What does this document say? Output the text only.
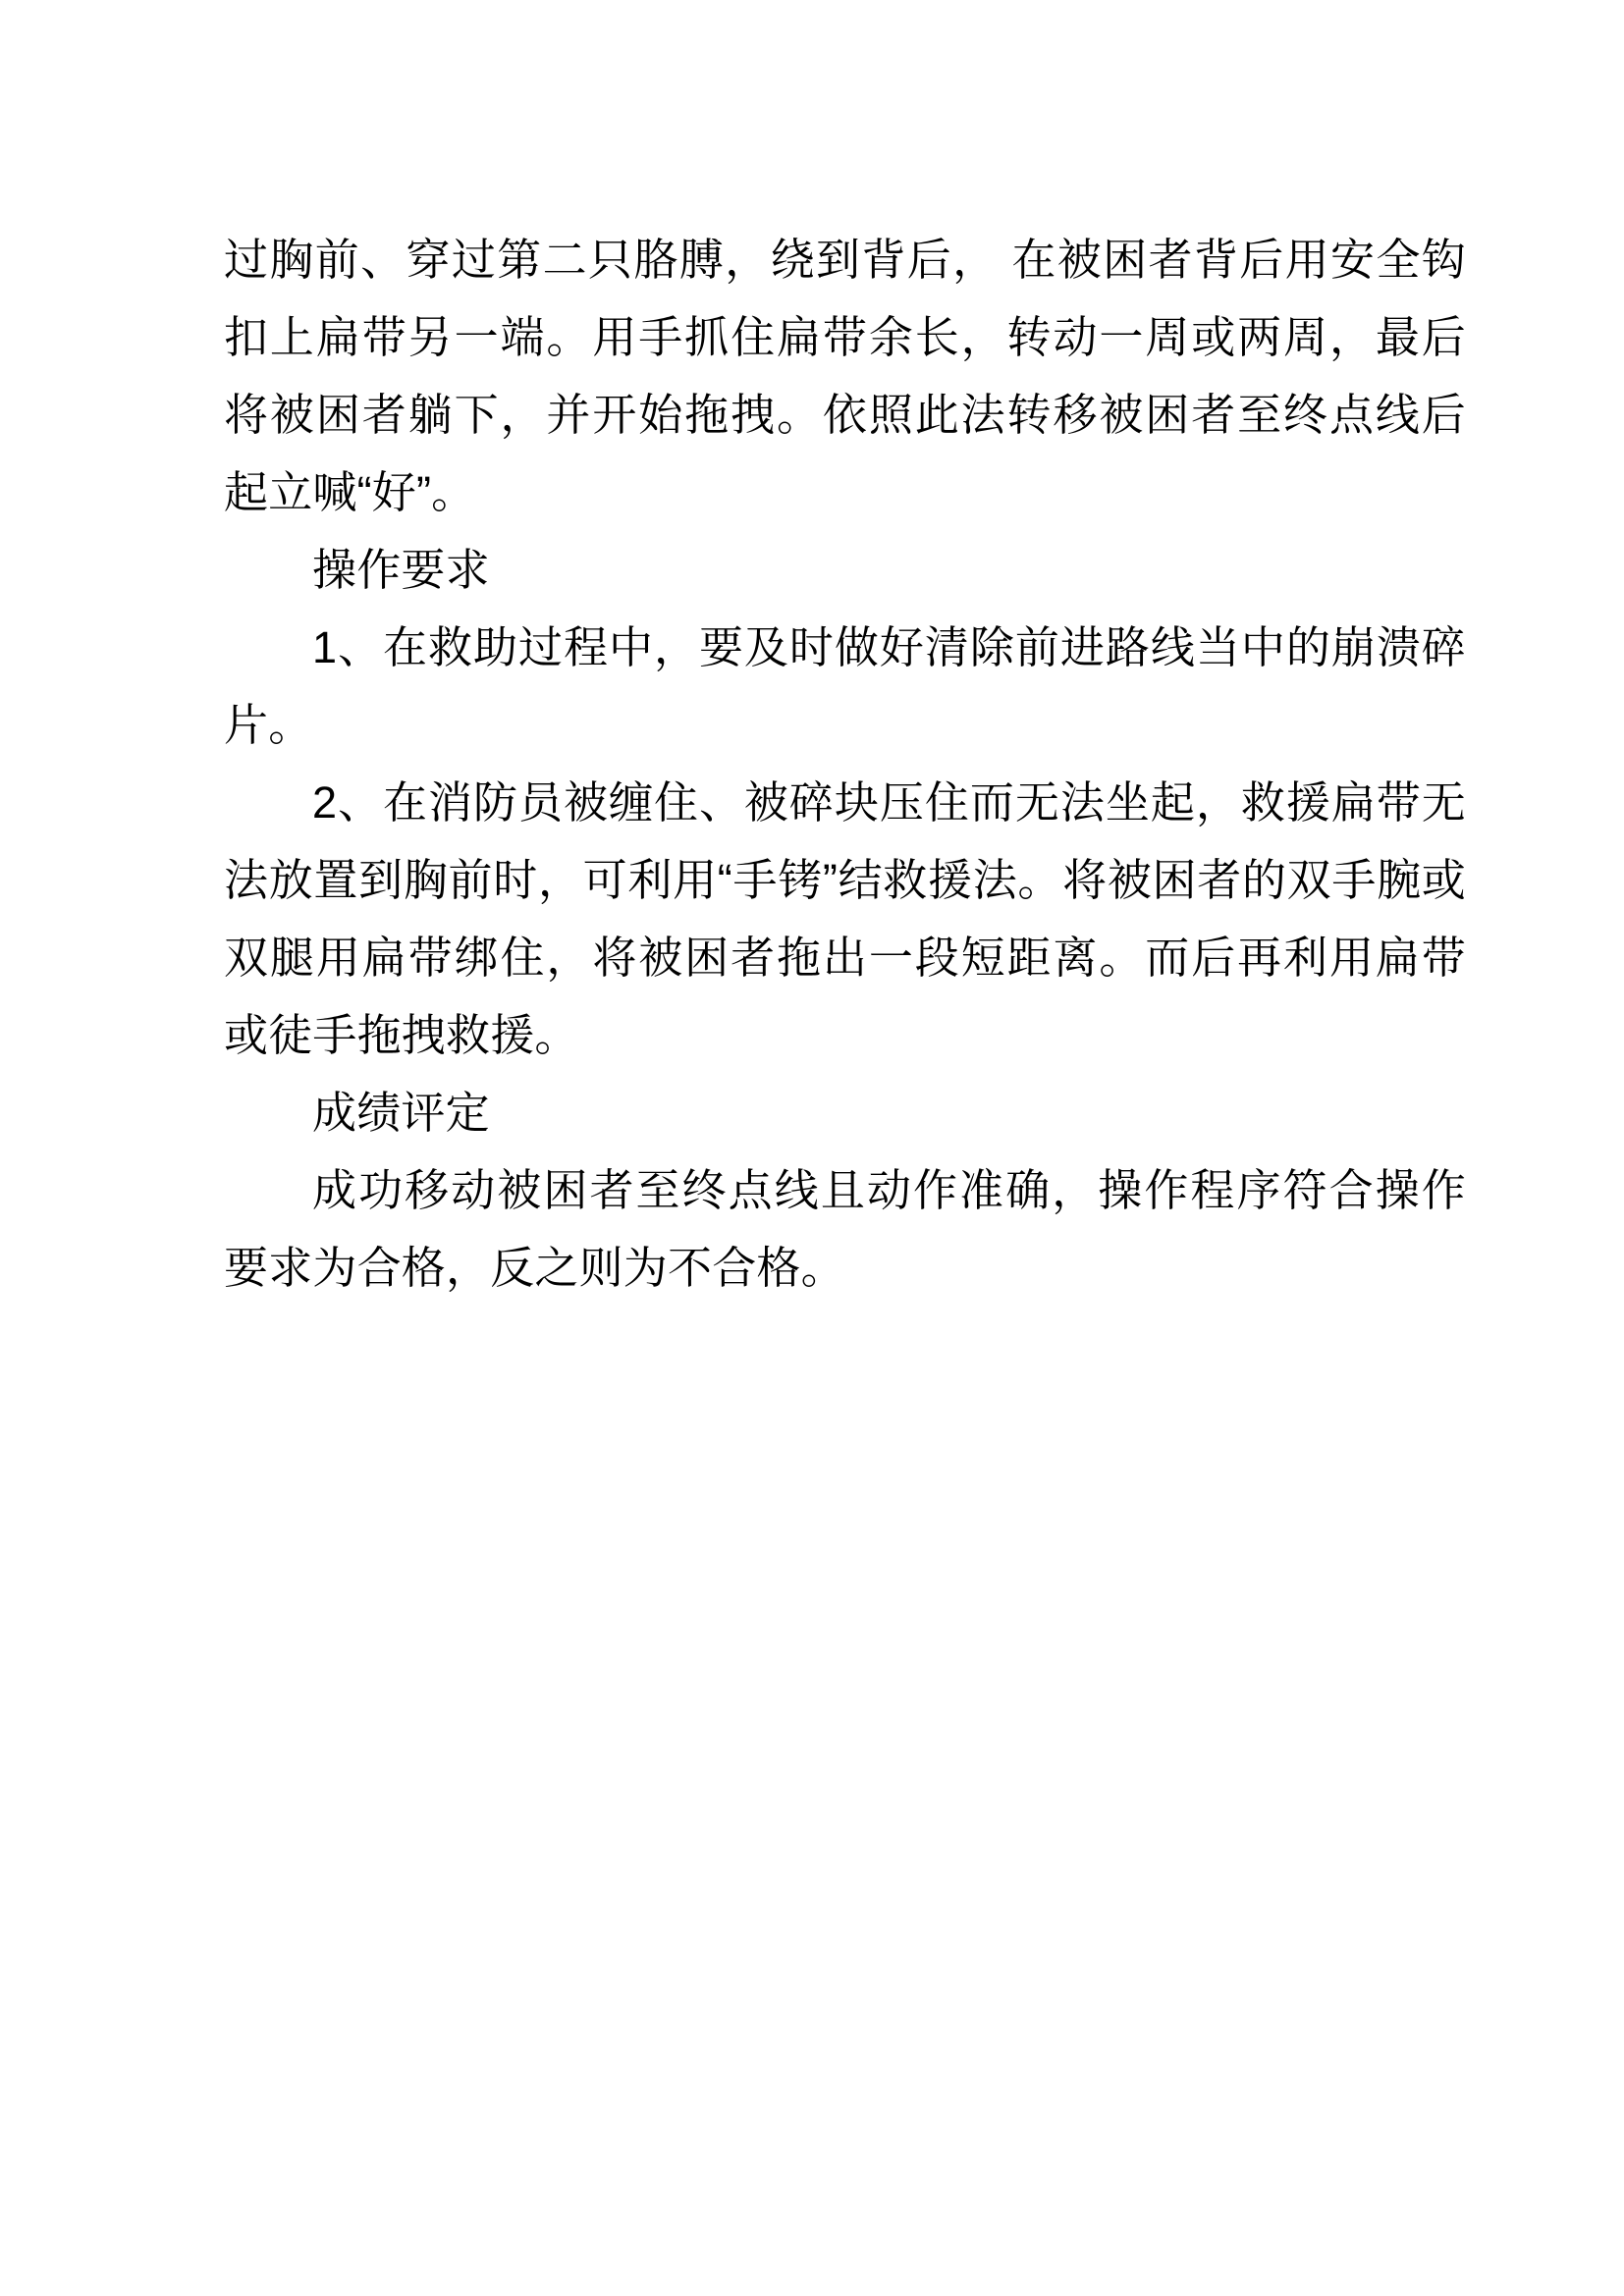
过胸前、穿过第二只胳膊，绕到背后， 在被困者背后用安全钩扣上扁带另一端。用手抓住扁带余长，转动一周或两周，最后将被困者躺下，并开始拖拽。依照此法转移被困者至终点线后起立喊“好”。

操作要求

1、在救助过程中，要及时做好清除前进路线当中的崩溃碎片。

2、在消防员被缠住、被碎块压住而无法坐起，救援扁带无法放置到胸前时，可利用“手铐”结救援法。将被困者的双手腕或双腿用扁带绑住，将被困者拖出一段短距离。而后再利用扁带或徒手拖拽救援。

成绩评定

成功移动被困者至终点线且动作准确，操作程序符合操作要求为合格，反之则为不合格。
